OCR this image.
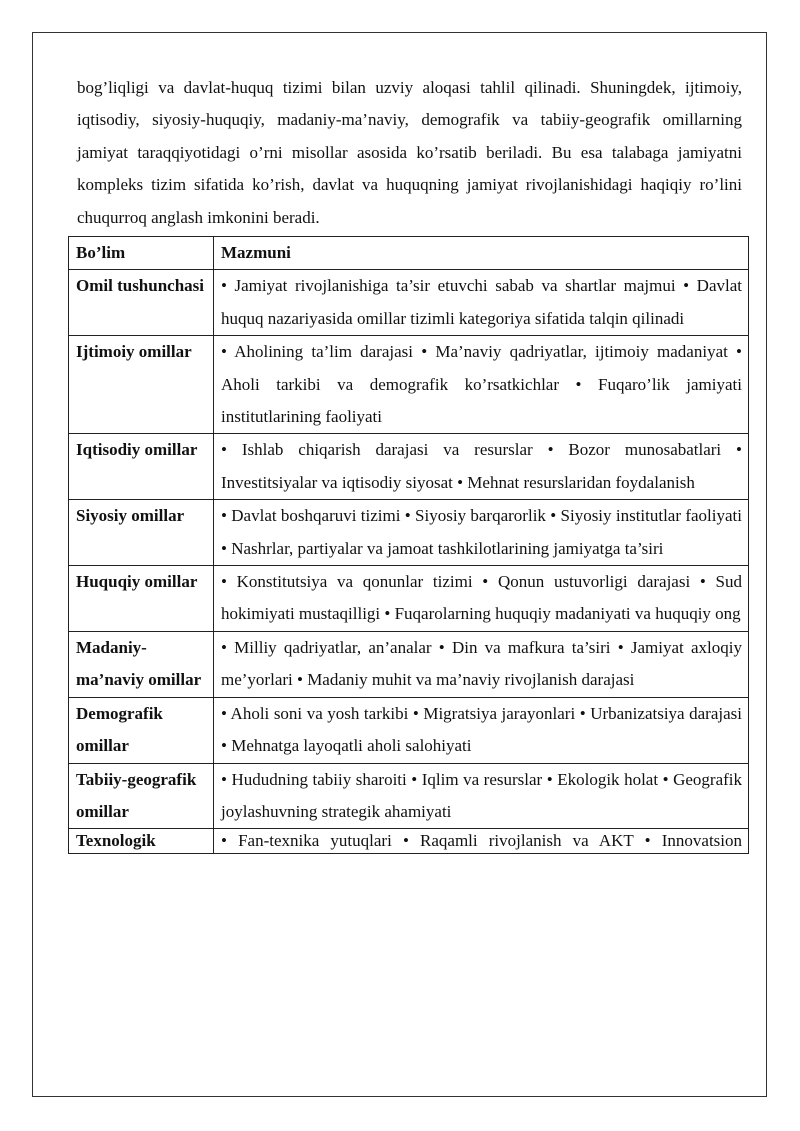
bog’liqligi va davlat-huquq tizimi bilan uzviy aloqasi tahlil qilinadi. Shuningdek, ijtimoiy, iqtisodiy, siyosiy-huquqiy, madaniy-ma’naviy, demografik va tabiiy-geografik omillarning jamiyat taraqqiyotidagi o’rni misollar asosida ko’rsatib beriladi. Bu esa talabaga jamiyatni kompleks tizim sifatida ko’rish, davlat va huquqning jamiyat rivojlanishidagi haqiqiy ro’lini chuqurroq anglash imkonini beradi.

Bo’lim	Mazmuni
Omil tushunchasi	• Jamiyat rivojlanishiga ta’sir etuvchi sabab va shartlar majmui • Davlat huquq nazariyasida omillar tizimli kategoriya sifatida talqin qilinadi
Ijtimoiy omillar	• Aholining ta’lim darajasi • Ma’naviy qadriyatlar, ijtimoiy madaniyat • Aholi tarkibi va demografik ko’rsatkichlar • Fuqaro’lik jamiyati institutlarining faoliyati
Iqtisodiy omillar	• Ishlab chiqarish darajasi va resurslar • Bozor munosabatlari • Investitsiyalar va iqtisodiy siyosat • Mehnat resurslaridan foydalanish
Siyosiy omillar	• Davlat boshqaruvi tizimi • Siyosiy barqarorlik • Siyosiy institutlar faoliyati • Nashrlar, partiyalar va jamoat tashkilotlarining jamiyatga ta’siri
Huquqiy omillar	• Konstitutsiya va qonunlar tizimi • Qonun ustuvorligi darajasi • Sud hokimiyati mustaqilligi • Fuqarolarning huquqiy madaniyati va huquqiy ong
Madaniy-ma’naviy omillar	• Milliy qadriyatlar, an’analar • Din va mafkura ta’siri • Jamiyat axloqiy me’yorlari • Madaniy muhit va ma’naviy rivojlanish darajasi
Demografik omillar	• Aholi soni va yosh tarkibi • Migratsiya jarayonlari • Urbanizatsiya darajasi • Mehnatga layoqatli aholi salohiyati
Tabiiy-geografik omillar	• Hududning tabiiy sharoiti • Iqlim va resurslar • Ekologik holat • Geografik joylashuvning strategik ahamiyati
Texnologik	• Fan-texnika yutuqlari • Raqamli rivojlanish va AKT • Innovatsion
